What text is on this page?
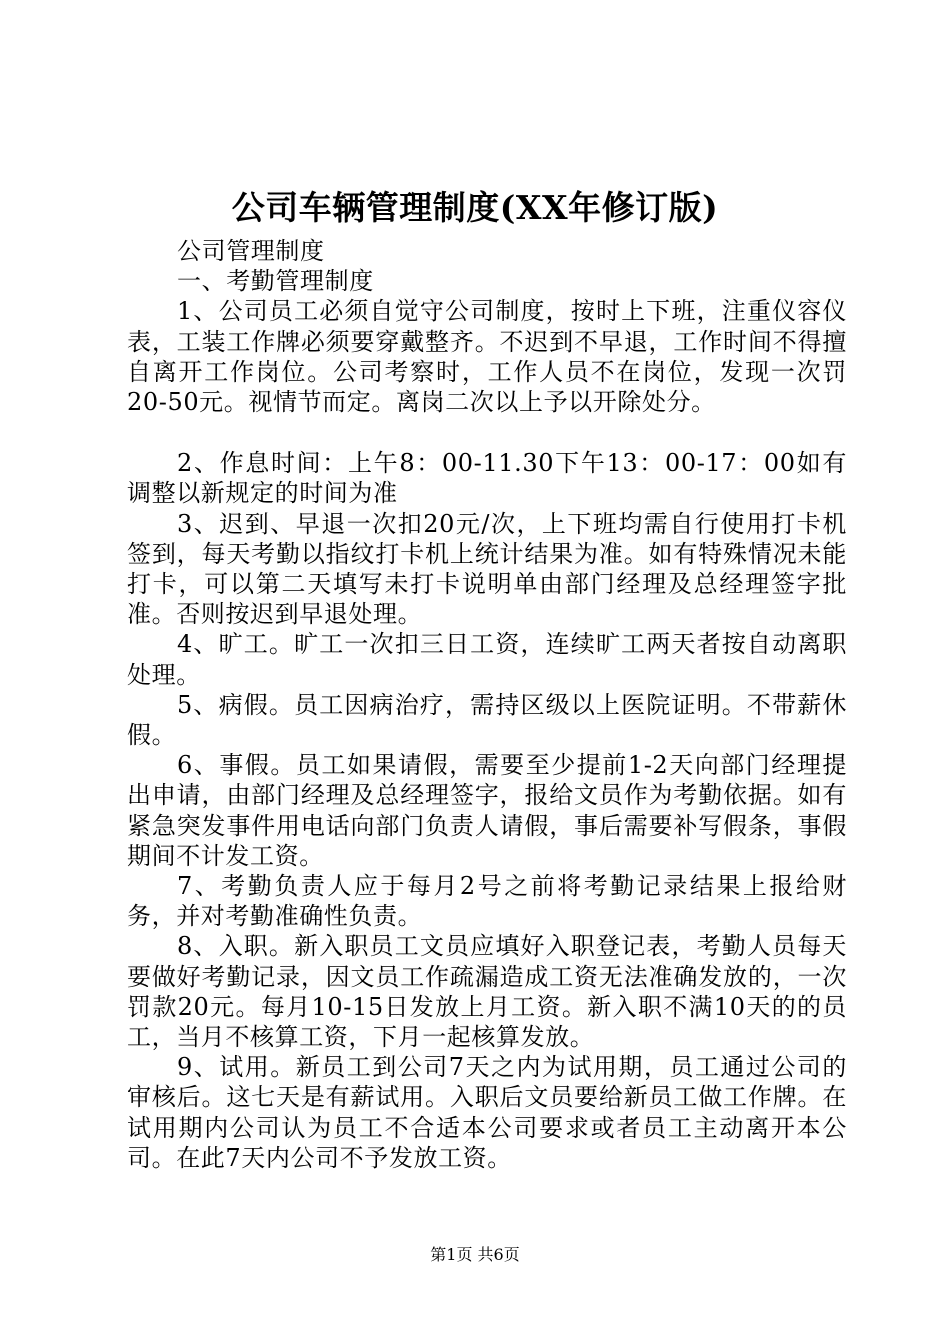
公司车辆管理制度(XX年修订版)

公司管理制度

一、考勤管理制度

1、公司员工必须自觉守公司制度，按时上下班，注重仪容仪表，工装工作牌必须要穿戴整齐。不迟到不早退，工作时间不得擅自离开工作岗位。公司考察时，工作人员不在岗位，发现一次罚20-50元。视情节而定。离岗二次以上予以开除处分。

2、作息时间：上午8：00-11.30下午13：00-17：00如有调整以新规定的时间为准

3、迟到、早退一次扣20元/次，上下班均需自行使用打卡机签到，每天考勤以指纹打卡机上统计结果为准。如有特殊情况未能打卡，可以第二天填写未打卡说明单由部门经理及总经理签字批准。否则按迟到早退处理。

4、旷工。旷工一次扣三日工资，连续旷工两天者按自动离职处理。

5、病假。员工因病治疗，需持区级以上医院证明。不带薪休假。

6、事假。员工如果请假，需要至少提前1-2天向部门经理提出申请，由部门经理及总经理签字，报给文员作为考勤依据。如有紧急突发事件用电话向部门负责人请假，事后需要补写假条，事假期间不计发工资。

7、考勤负责人应于每月2号之前将考勤记录结果上报给财务，并对考勤准确性负责。

8、入职。新入职员工文员应填好入职登记表，考勤人员每天要做好考勤记录，因文员工作疏漏造成工资无法准确发放的，一次罚款20元。每月10-15日发放上月工资。新入职不满10天的的员工，当月不核算工资，下月一起核算发放。

9、试用。新员工到公司7天之内为试用期，员工通过公司的审核后。这七天是有薪试用。入职后文员要给新员工做工作牌。在试用期内公司认为员工不合适本公司要求或者员工主动离开本公司。在此7天内公司不予发放工资。

第1页 共6页
